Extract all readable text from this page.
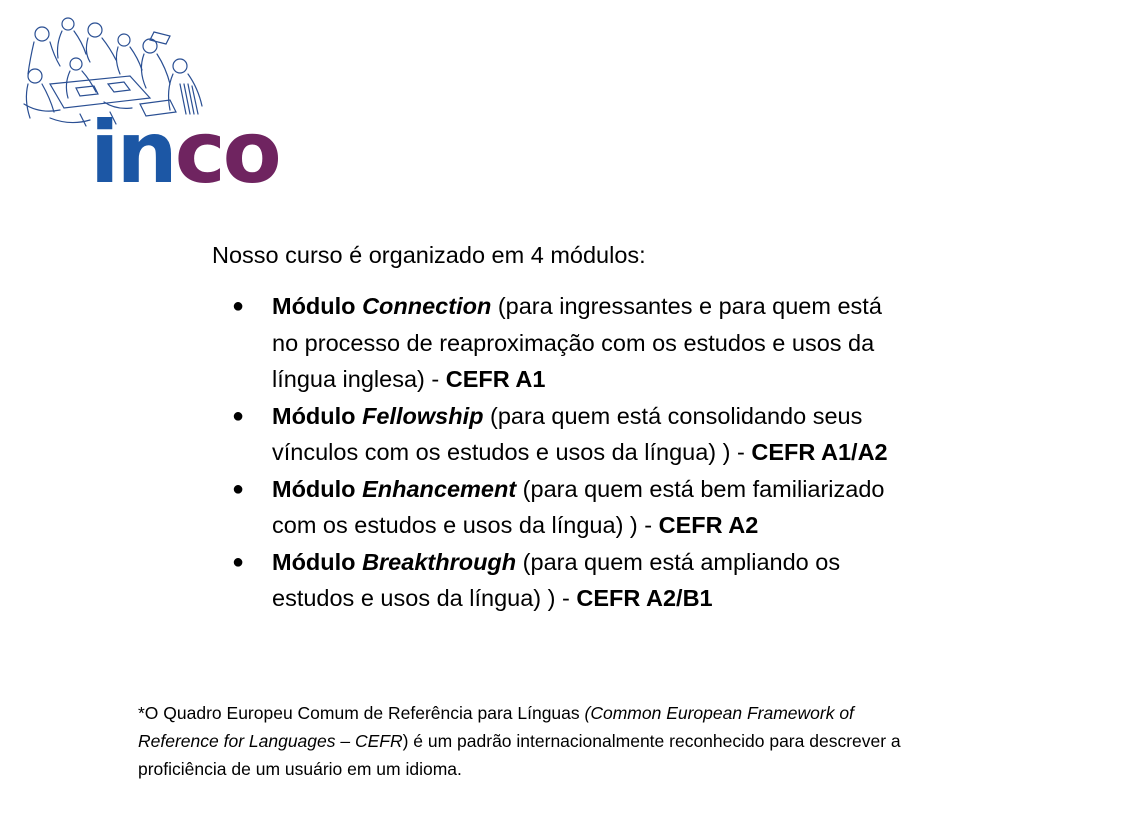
inco
Nosso curso é organizado em 4 módulos:
● Módulo Connection (para ingressantes e para quem está
no processo de reaproximação com os estudos e usos da
língua inglesa) - CEFR A1
● Módulo Fellowship (para quem está consolidando seus
vínculos com os estudos e usos da língua) ) - CEFR A1/A2
● Módulo Enhancement (para quem está bem familiarizado
com os estudos e usos da língua) ) - CEFR A2
● Módulo Breakthrough (para quem está ampliando os
estudos e usos da língua) ) - CEFR A2/B1
*O Quadro Europeu Comum de Referência para Línguas (Common European Framework of
Reference for Languages – CEFR) é um padrão internacionalmente reconhecido para descrever a
proficiência de um usuário em um idioma.
